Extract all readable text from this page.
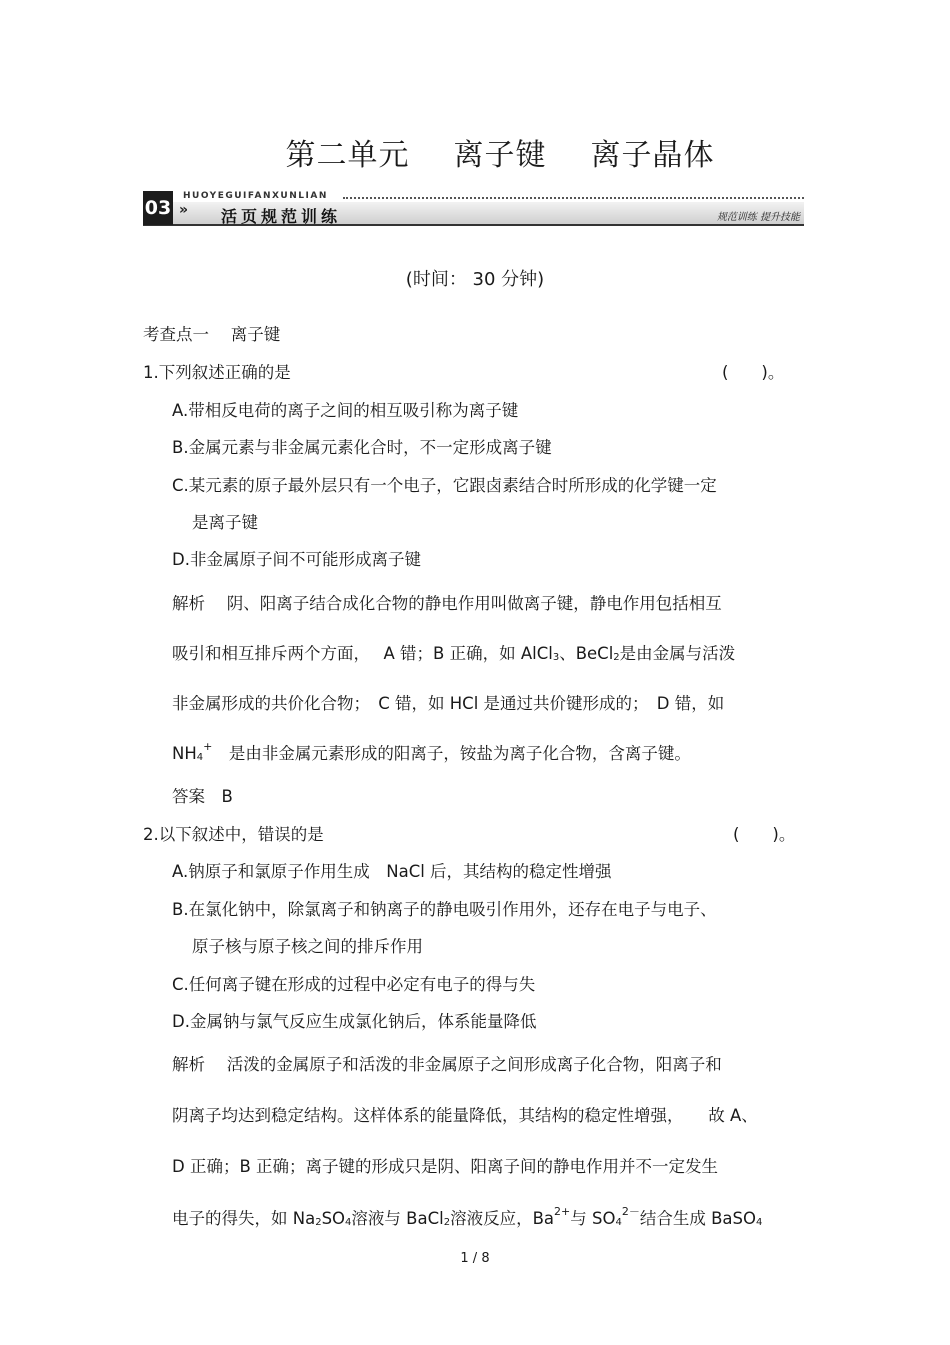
第二单元 离子键 离子晶体
HUOYEGUIFANXUNLIAN
03 » 活页规范训练	规范训练 提升技能
(时间： 30 分钟)
考查点一　 离子键
1.下列叙述正确的是	(　　)。
A.带相反电荷的离子之间的相互吸引称为离子键
B.金属元素与非金属元素化合时，不一定形成离子键
C.某元素的原子最外层只有一个电子，它跟卤素结合时所形成的化学键一定
是离子键
D.非金属原子间不可能形成离子键
解析　 阴、阳离子结合成化合物的静电作用叫做离子键，静电作用包括相互
吸引和相互排斥两个方面，　 A 错；B 正确，如 AlCl3、BeCl2是由金属与活泼
非金属形成的共价化合物；　C 错，如 HCl 是通过共价键形成的；　D 错，如
NH4+　是由非金属元素形成的阳离子，铵盐为离子化合物，含离子键。
答案　B
2.以下叙述中，错误的是	(　　)。
A.钠原子和氯原子作用生成　NaCl 后，其结构的稳定性增强
B.在氯化钠中，除氯离子和钠离子的静电吸引作用外，还存在电子与电子、
原子核与原子核之间的排斥作用
C.任何离子键在形成的过程中必定有电子的得与失
D.金属钠与氯气反应生成氯化钠后，体系能量降低
解析　 活泼的金属原子和活泼的非金属原子之间形成离子化合物，阳离子和
阴离子均达到稳定结构。这样体系的能量降低，其结构的稳定性增强，　　故 A、
D 正确；B 正确；离子键的形成只是阴、阳离子间的静电作用并不一定发生
电子的得失，如 Na2SO4溶液与 BaCl2溶液反应，$Ba^{2+}$与 $SO4^{2-}$结合生成 BaSO4
1 / 8
